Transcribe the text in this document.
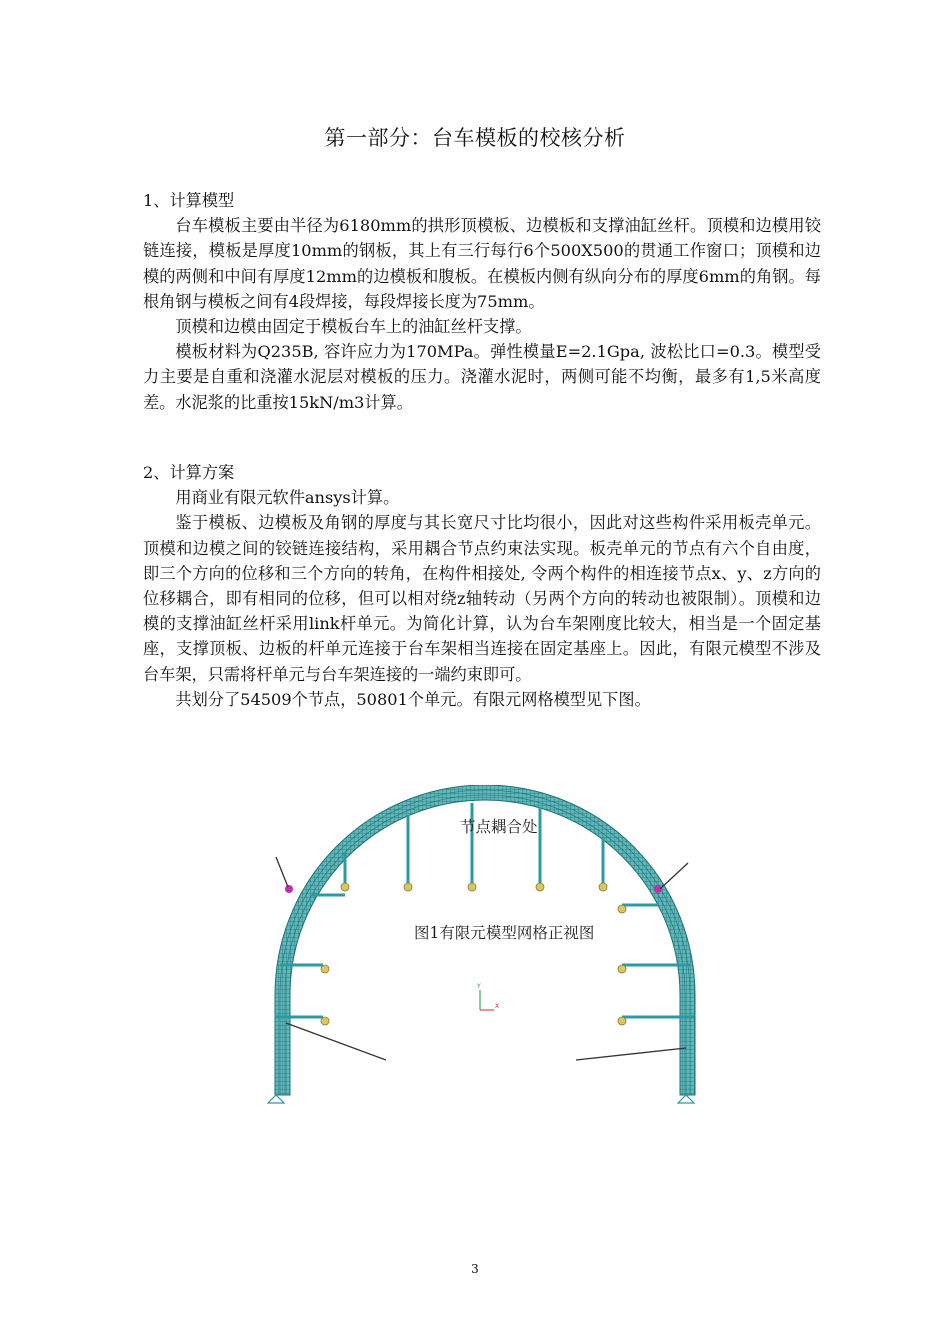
第一部分：台车模板的校核分析

1、计算模型

台车模板主要由半径为6180mm的拱形顶模板、边模板和支撑油缸丝杆。顶模和边模用铰链连接，模板是厚度10mm的钢板，其上有三行每行6个500X500的贯通工作窗口；顶模和边模的两侧和中间有厚度12mm的边模板和腹板。在模板内侧有纵向分布的厚度6mm的角钢。每根角钢与模板之间有4段焊接，每段焊接长度为75mm。

顶模和边模由固定于模板台车上的油缸丝杆支撑。

模板材料为Q235B, 容许应力为170MPa。弹性模量E=2.1Gpa, 波松比口=0.3。模型受力主要是自重和浇灌水泥层对模板的压力。浇灌水泥时，两侧可能不均衡，最多有1,5米高度差。水泥浆的比重按15kN/m3计算。

2、计算方案

用商业有限元软件ansys计算。

鉴于模板、边模板及角钢的厚度与其长宽尺寸比均很小，因此对这些构件采用板壳单元。顶模和边模之间的铰链连接结构，采用耦合节点约束法实现。板壳单元的节点有六个自由度，即三个方向的位移和三个方向的转角，在构件相接处, 令两个构件的相连接节点x、y、z方向的位移耦合，即有相同的位移，但可以相对绕z轴转动（另两个方向的转动也被限制）。顶模和边模的支撑油缸丝杆采用link杆单元。为简化计算，认为台车架刚度比较大，相当是一个固定基座，支撑顶板、边板的杆单元连接于台车架相当连接在固定基座上。因此，有限元模型不涉及台车架，只需将杆单元与台车架连接的一端约束即可。

共划分了54509个节点，50801个单元。有限元网格模型见下图。

Y
X
节点耦合处
图1有限元模型网格正视图
3
